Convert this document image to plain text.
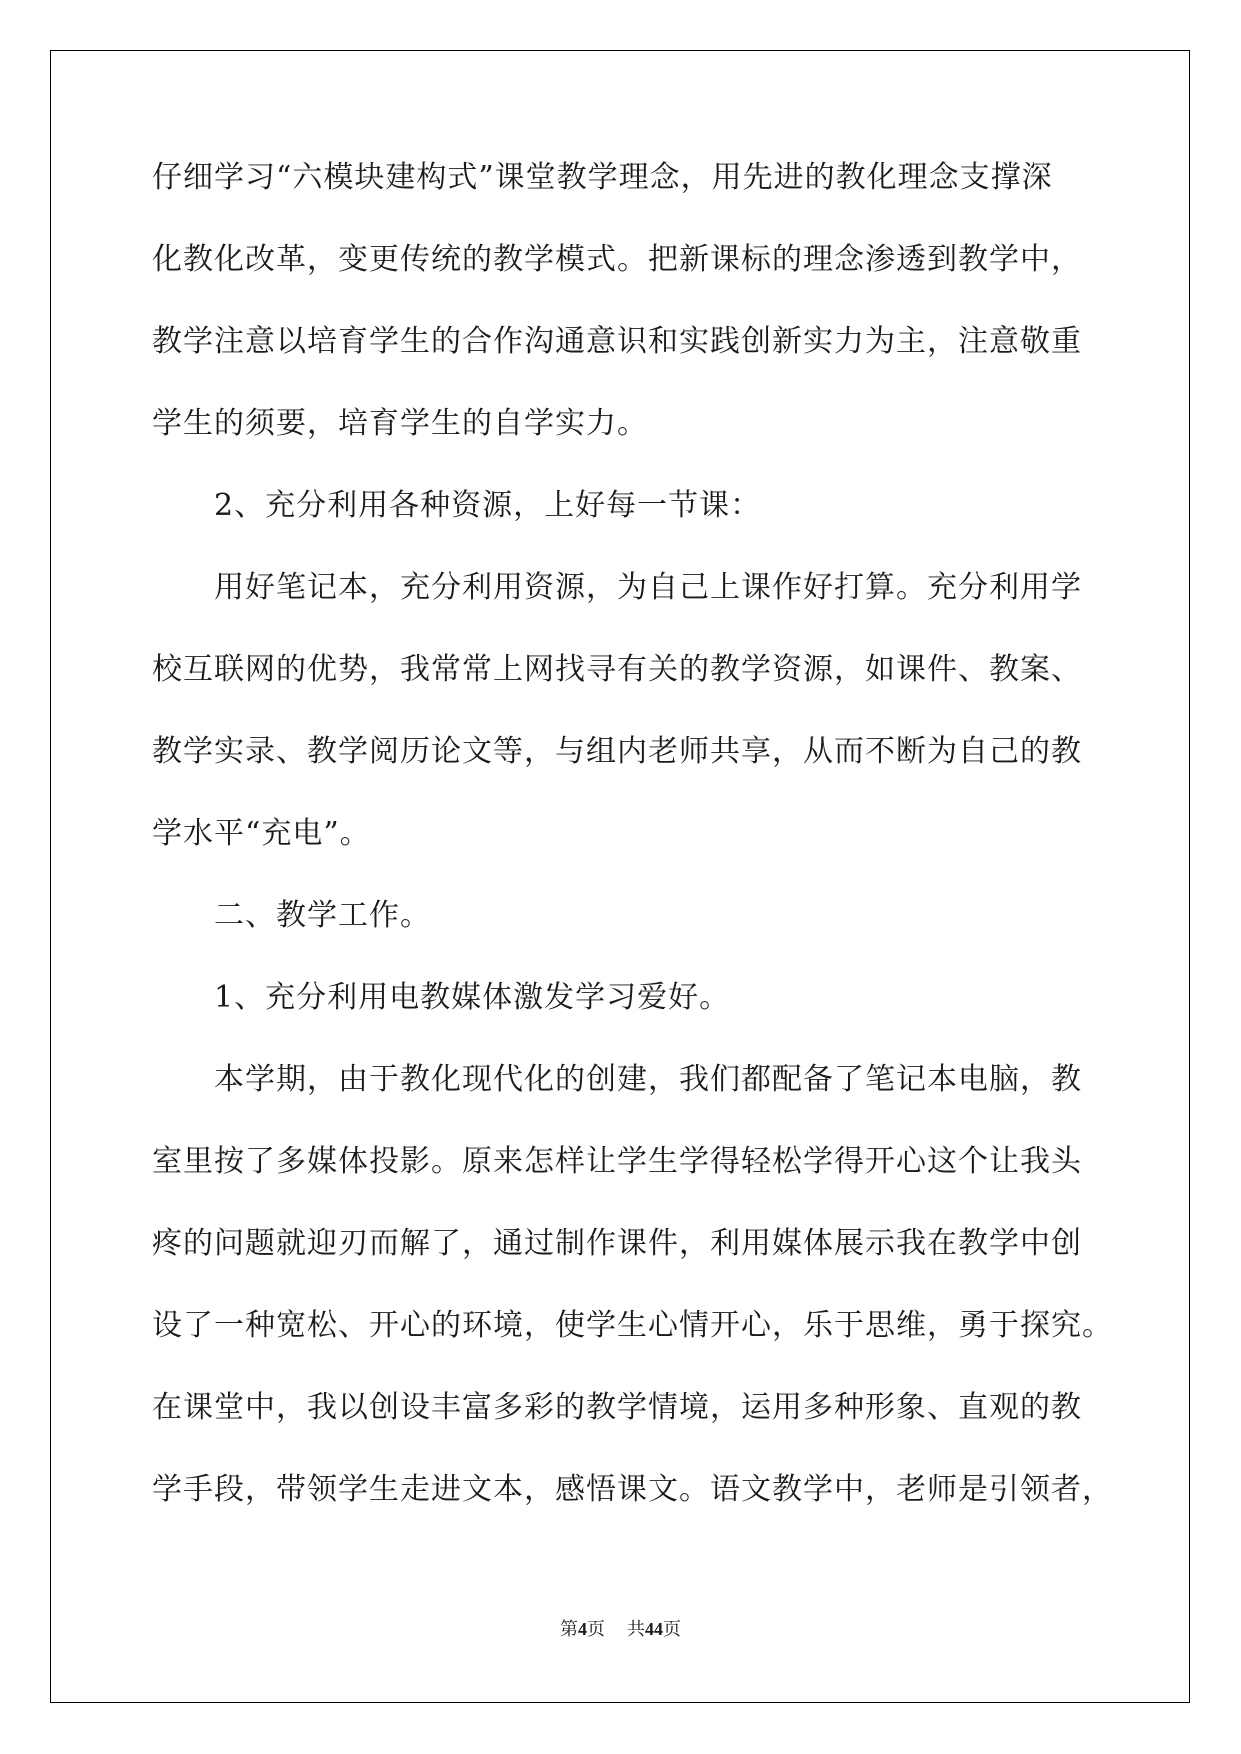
仔细学习“六模块建构式”课堂教学理念，用先进的教化理念支撑深
化教化改革，变更传统的教学模式。把新课标的理念渗透到教学中，
教学注意以培育学生的合作沟通意识和实践创新实力为主，注意敬重
学生的须要，培育学生的自学实力。
2、充分利用各种资源，上好每一节课：
用好笔记本，充分利用资源，为自己上课作好打算。充分利用学
校互联网的优势，我常常上网找寻有关的教学资源，如课件、教案、
教学实录、教学阅历论文等，与组内老师共享，从而不断为自己的教
学水平“充电”。
二、教学工作。
1、充分利用电教媒体激发学习爱好。
本学期，由于教化现代化的创建，我们都配备了笔记本电脑，教
室里按了多媒体投影。原来怎样让学生学得轻松学得开心这个让我头
疼的问题就迎刃而解了，通过制作课件，利用媒体展示我在教学中创
设了一种宽松、开心的环境，使学生心情开心，乐于思维，勇于探究。
在课堂中，我以创设丰富多彩的教学情境，运用多种形象、直观的教
学手段，带领学生走进文本，感悟课文。语文教学中，老师是引领者，
第4页 共44页
